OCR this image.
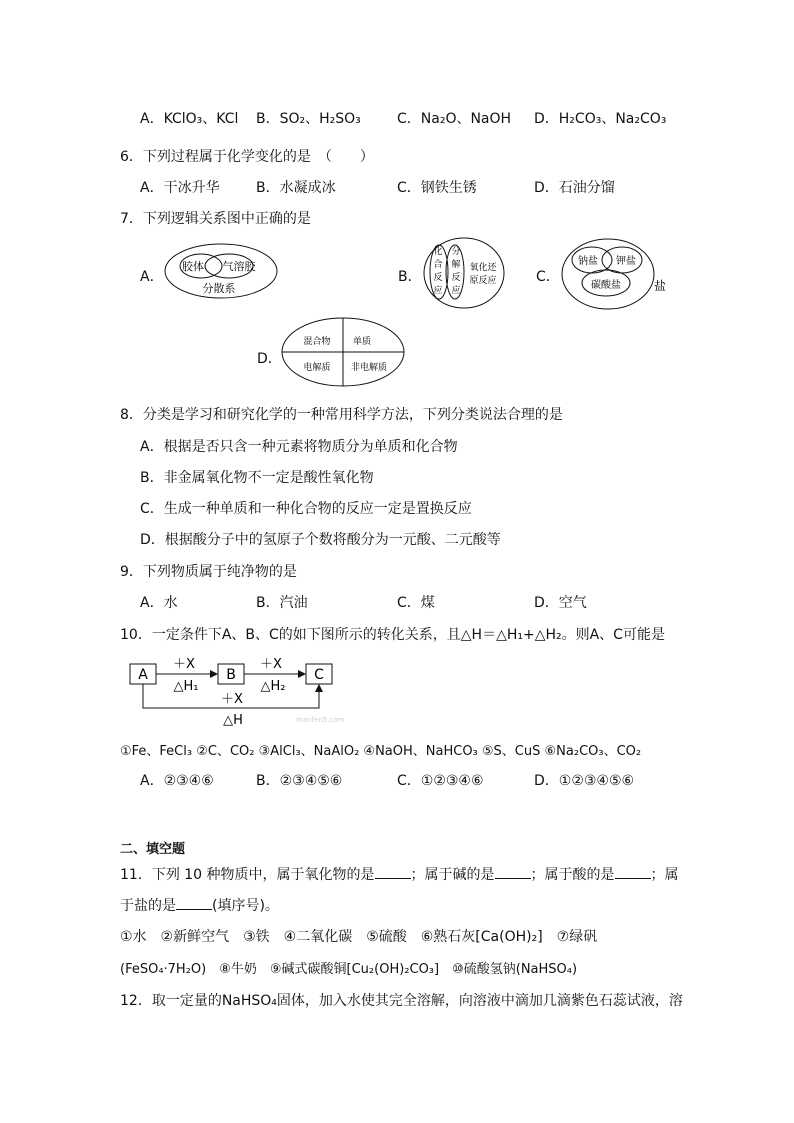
A．KClO₃、KCl B．SO₂、H₂SO₃	C．Na₂O、NaOH D．H₂CO₃、Na₂CO₃
6．下列过程属于化学变化的是　（　　）
A．干冰升华	B．水凝成冰	C．钢铁生锈	D．石油分馏
7．下列逻辑关系图中正确的是
A．
胶体 气溶胶
分散系
B．
化
合
反
应
分
解
反
应
氧化还
原反应	C．
钠盐 钾盐
碳酸盐	盐
D．
混合物 单质
电解质 非电解质
8．分类是学习和研究化学的一种常用科学方法，下列分类说法合理的是
A．根据是否只含一种元素将物质分为单质和化合物
B．非金属氧化物不一定是酸性氧化物
C．生成一种单质和一种化合物的反应一定是置换反应
D．根据酸分子中的氢原子个数将酸分为一元酸、二元酸等
9．下列物质属于纯净物的是
A．水	B．汽油	C．煤	D．空气
10．一定条件下A、B、C的如下图所示的转化关系，且△H＝△H₁+△H₂。则A、C可能是
A	B	C
＋X
△H₁
＋X
△H₂
＋X
△H	manfen5.com
①Fe、FeCl₃ ②C、CO₂ ③AlCl₃、NaAlO₂ ④NaOH、NaHCO₃ ⑤S、CuS ⑥Na₂CO₃、CO₂
A．②③④⑥	B．②③④⑤⑥	C．①②③④⑥	D．①②③④⑤⑥
二、填空题
11．下列 10 种物质中，属于氧化物的是	；属于碱的是	；属于酸的是	；属
于盐的是	(填序号)。
①水　②新鲜空气　③铁　④二氧化碳　⑤硫酸　⑥熟石灰[Ca(OH)₂]　⑦绿矾
(FeSO₄·7H₂O)　⑧牛奶　⑨碱式碳酸铜[Cu₂(OH)₂CO₃]　⑩硫酸氢钠(NaHSO₄)
12．取一定量的NaHSO₄固体，加入水使其完全溶解，向溶液中滴加几滴紫色石蕊试液，溶
